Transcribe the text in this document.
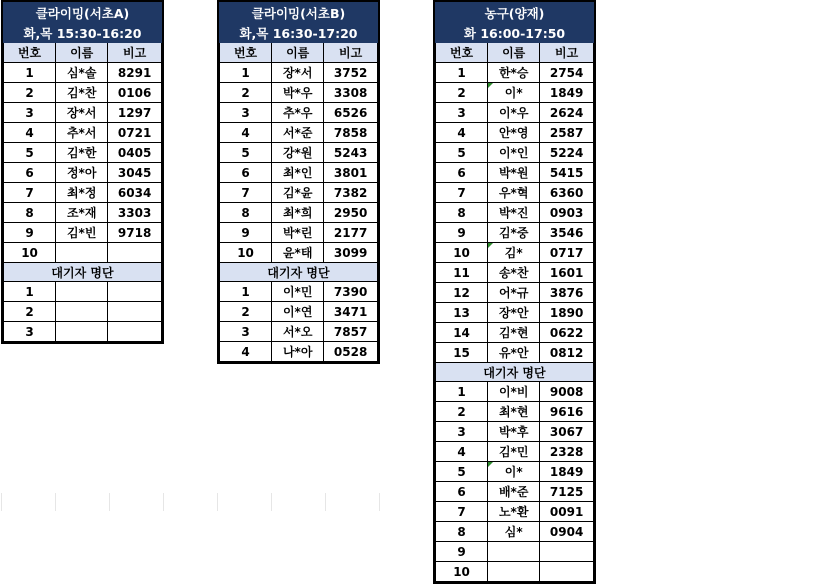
클라이밍(서초A)		
화,목 15:30-16:20		
번호	이름	비고
1	심*솔	8291
2	김*찬	0106
3	장*서	1297
4	추*서	0721
5	김*한	0405
6	정*아	3045
7	최*정	6034
8	조*재	3303
9	김*빈	9718
10		
대기자 명단		
1		
2		
3		
클라이밍(서초B)		
화,목 16:30-17:20		
번호	이름	비고
1	장*서	3752
2	박*우	3308
3	추*우	6526
4	서*준	7858
5	강*원	5243
6	최*인	3801
7	김*윤	7382
8	최*희	2950
9	박*린	2177
10	윤*태	3099
대기자 명단		
1	이*민	7390
2	이*연	3471
3	서*오	7857
4	나*아	0528
농구(양재)		
화 16:00-17:50		
번호	이름	비고
1	한*승	2754
2	이*	1849
3	이*우	2624
4	안*영	2587
5	이*인	5224
6	박*원	5415
7	우*혁	6360
8	박*진	0903
9	김*중	3546
10	김*	0717
11	송*찬	1601
12	어*규	3876
13	장*안	1890
14	김*현	0622
15	유*안	0812
대기자 명단		
1	이*비	9008
2	최*현	9616
3	박*후	3067
4	김*민	2328
5	이*	1849
6	배*준	7125
7	노*환	0091
8	심*	0904
9		
10		
